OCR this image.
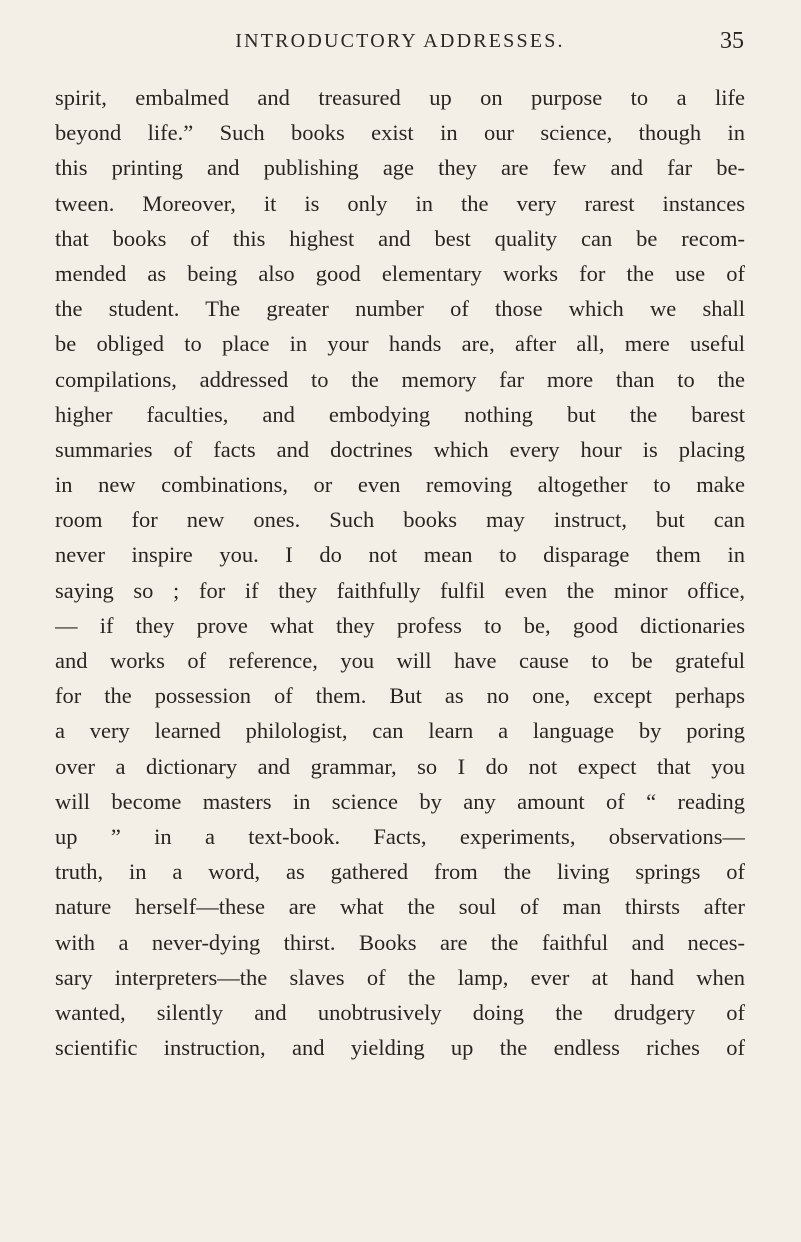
INTRODUCTORY ADDRESSES.	35
spirit, embalmed and treasured up on purpose to a life
beyond life.” Such books exist in our science, though in
this printing and publishing age they are few and far be-
tween. Moreover, it is only in the very rarest instances
that books of this highest and best quality can be recom-
mended as being also good elementary works for the use of
the student. The greater number of those which we shall
be obliged to place in your hands are, after all, mere useful
compilations, addressed to the memory far more than to the
higher faculties, and embodying nothing but the barest
summaries of facts and doctrines which every hour is placing
in new combinations, or even removing altogether to make
room for new ones. Such books may instruct, but can
never inspire you. I do not mean to disparage them in
saying so ; for if they faithfully fulfil even the minor office,
— if they prove what they profess to be, good dictionaries
and works of reference, you will have cause to be grateful
for the possession of them. But as no one, except perhaps
a very learned philologist, can learn a language by poring
over a dictionary and grammar, so I do not expect that you
will become masters in science by any amount of “ reading
up ” in a text-book. Facts, experiments, observations—
truth, in a word, as gathered from the living springs of
nature herself—these are what the soul of man thirsts after
with a never-dying thirst. Books are the faithful and neces-
sary interpreters—the slaves of the lamp, ever at hand when
wanted, silently and unobtrusively doing the drudgery of
scientific instruction, and yielding up the endless riches of
